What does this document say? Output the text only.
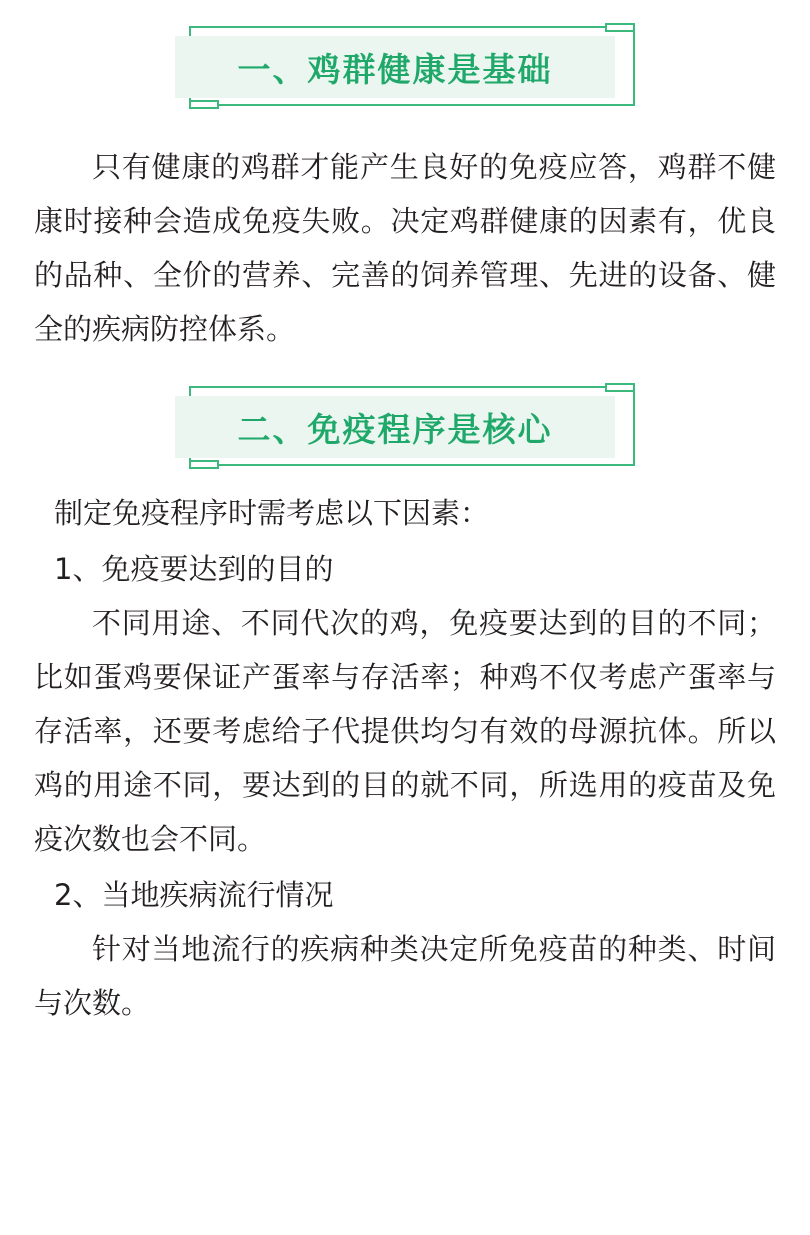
一、鸡群健康是基础

只有健康的鸡群才能产生良好的免疫应答，鸡群不健康时接种会造成免疫失败。决定鸡群健康的因素有，优良的品种、全价的营养、完善的饲养管理、先进的设备、健全的疾病防控体系。

二、免疫程序是核心

制定免疫程序时需考虑以下因素：

1、免疫要达到的目的

不同用途、不同代次的鸡，免疫要达到的目的不同；比如蛋鸡要保证产蛋率与存活率；种鸡不仅考虑产蛋率与存活率，还要考虑给子代提供均匀有效的母源抗体。所以鸡的用途不同，要达到的目的就不同，所选用的疫苗及免疫次数也会不同。

2、当地疾病流行情况

针对当地流行的疾病种类决定所免疫苗的种类、时间与次数。
